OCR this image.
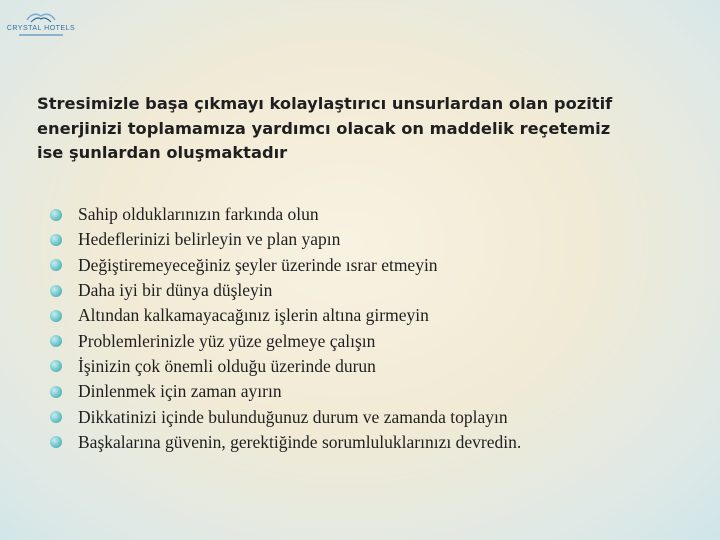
CRYSTAL HOTELS

Stresimizle başa çıkmayı kolaylaştırıcı unsurlardan olan pozitif
enerjinizi toplamamıza yardımcı olacak on maddelik reçetemiz
ise şunlardan oluşmaktadır

Sahip olduklarınızın farkında olun
Hedeflerinizi belirleyin ve plan yapın
Değiştiremeyeceğiniz şeyler üzerinde ısrar etmeyin
Daha iyi bir dünya düşleyin
Altından kalkamayacağınız işlerin altına girmeyin
Problemlerinizle yüz yüze gelmeye çalışın
İşinizin çok önemli olduğu üzerinde durun
Dinlenmek için zaman ayırın
Dikkatinizi içinde bulunduğunuz durum ve zamanda toplayın
Başkalarına güvenin, gerektiğinde sorumluluklarınızı devredin.
